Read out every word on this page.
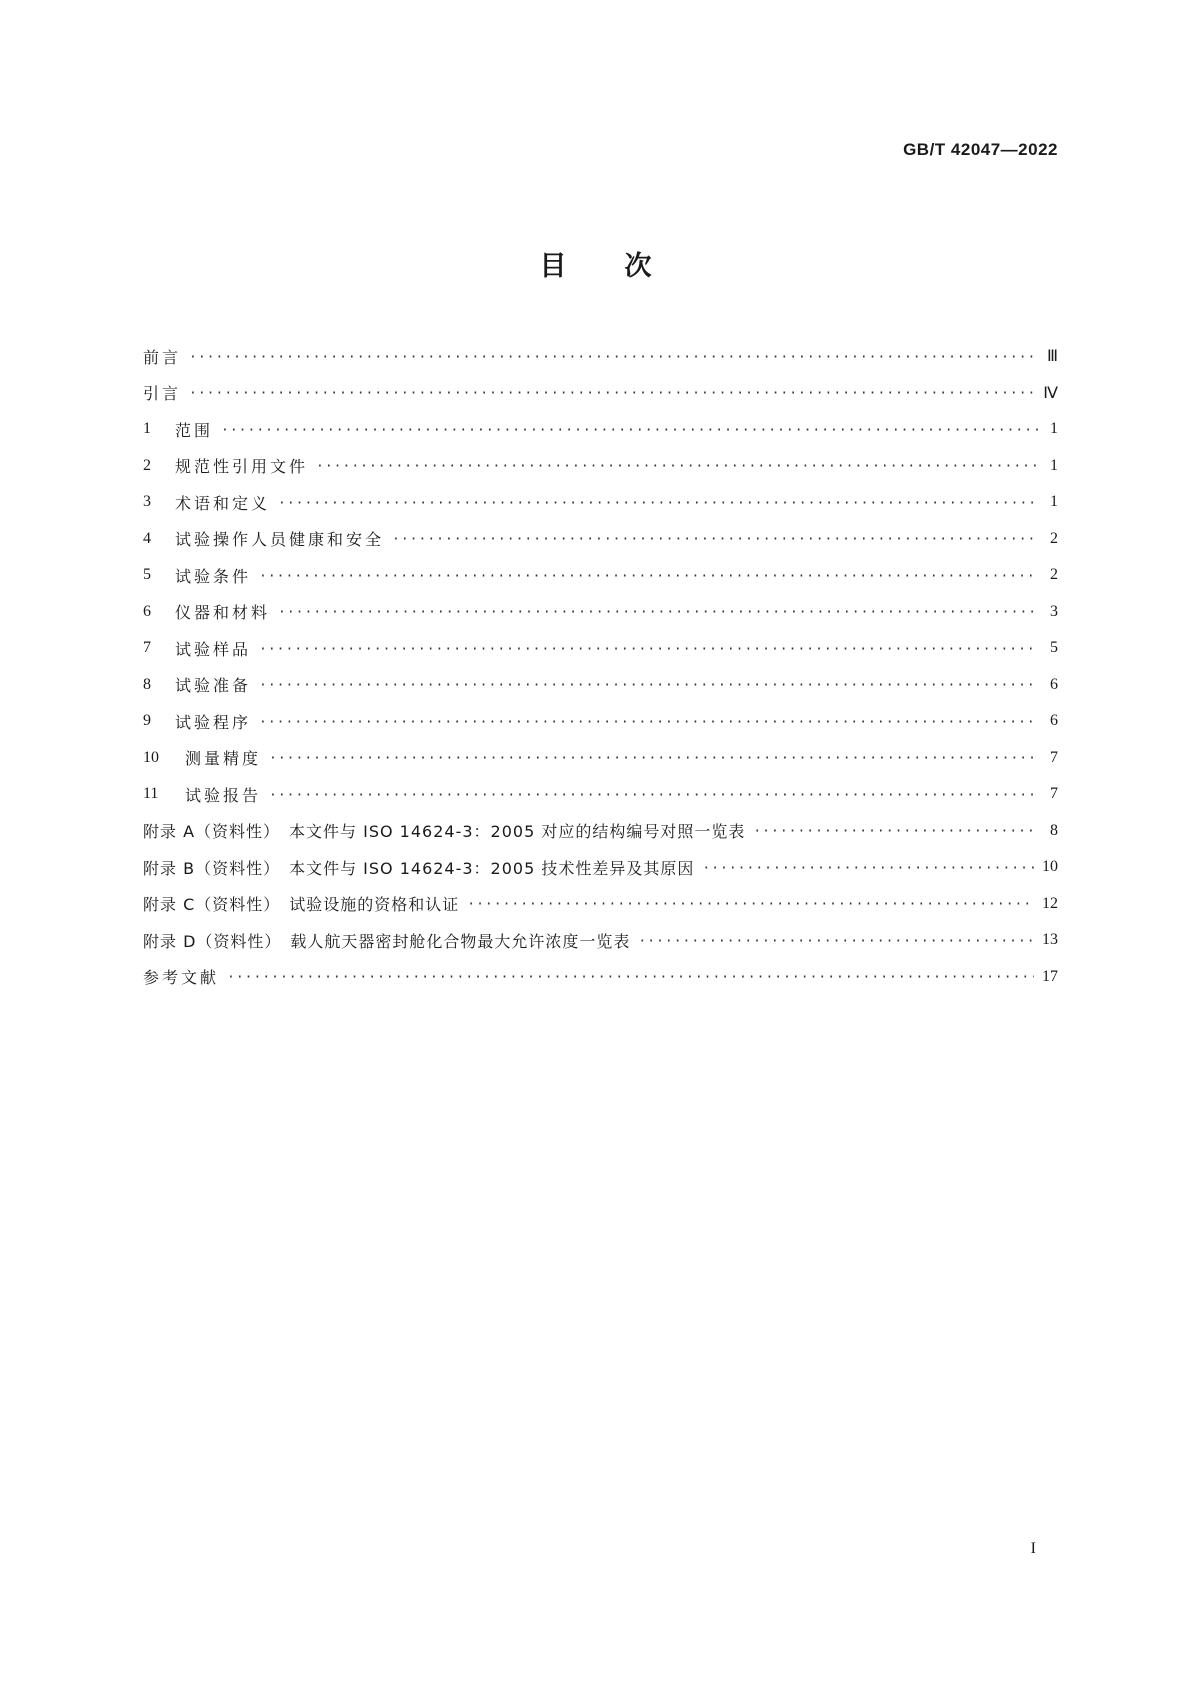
GB/T 42047—2022
目次
前言 ·····	Ⅲ
引言 ·····	Ⅳ
1	范围 ·····	1
2	规范性引用文件 ·····	1
3	术语和定义 ·····	1
4	试验操作人员健康和安全 ·····	2
5	试验条件 ·····	2
6	仪器和材料 ·····	3
7	试验样品 ·····	5
8	试验准备 ·····	6
9	试验程序 ·····	6
10	测量精度 ·····	7
11	试验报告 ·····	7
附录 A（资料性）　本文件与 ISO 14624-3：2005 对应的结构编号对照一览表 ·····	8
附录 B（资料性）　本文件与 ISO 14624-3：2005 技术性差异及其原因 ·····	10
附录 C（资料性）　试验设施的资格和认证 ·····	12
附录 D（资料性）　载人航天器密封舱化合物最大允许浓度一览表 ·····	13
参考文献 ·····	17
I
